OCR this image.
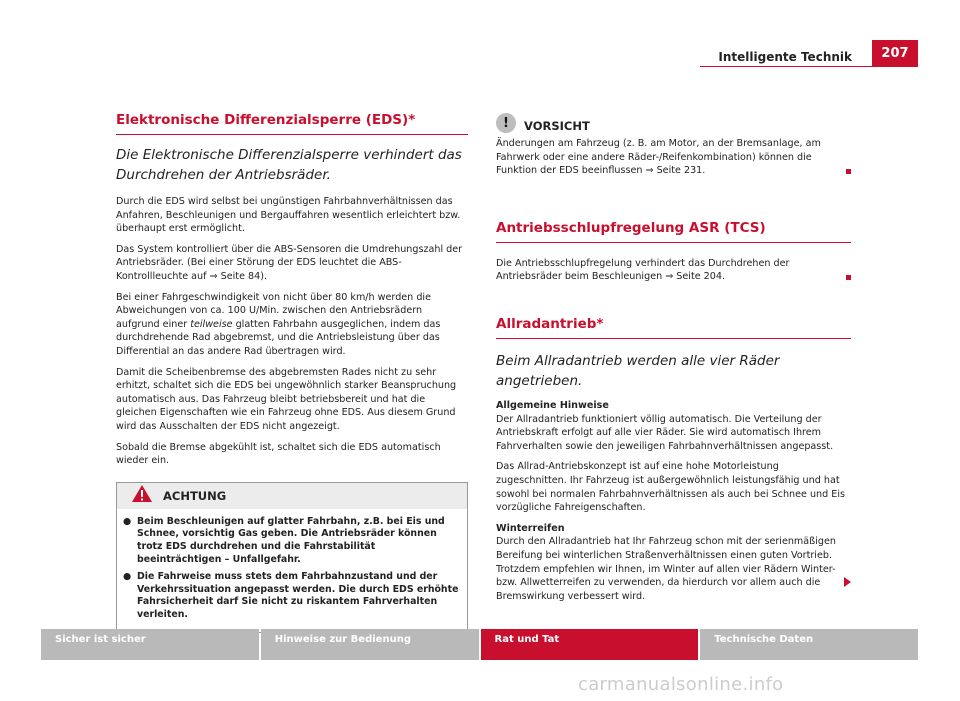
Intelligente Technik	207
Elektronische Differenzialsperre (EDS)*
Die Elektronische Differenzialsperre verhindert das Durchdrehen der Antriebsräder.

Durch die EDS wird selbst bei ungünstigen Fahrbahnverhältnissen das Anfahren, Beschleunigen und Bergauffahren wesentlich erleichtert bzw. überhaupt erst ermöglicht.

Das System kontrolliert über die ABS-Sensoren die Umdrehungszahl der Antriebsräder. (Bei einer Störung der EDS leuchtet die ABS-Kontrollleuchte auf ⇒ Seite 84).

Bei einer Fahrgeschwindigkeit von nicht über 80 km/h werden die Abweichungen von ca. 100 U/Min. zwischen den Antriebsrädern aufgrund einer teilweise glatten Fahrbahn ausgeglichen, indem das durchdrehende Rad abgebremst, und die Antriebsleistung über das Differential an das andere Rad übertragen wird.

Damit die Scheibenbremse des abgebremsten Rades nicht zu sehr erhitzt, schaltet sich die EDS bei ungewöhnlich starker Beanspruchung automatisch aus. Das Fahrzeug bleibt betriebsbereit und hat die gleichen Eigenschaften wie ein Fahrzeug ohne EDS. Aus diesem Grund wird das Ausschalten der EDS nicht angezeigt.

Sobald die Bremse abgekühlt ist, schaltet sich die EDS automatisch wieder ein.

ACHTUNG
● Beim Beschleunigen auf glatter Fahrbahn, z.B. bei Eis und Schnee, vorsichtig Gas geben. Die Antriebsräder können trotz EDS durchdrehen und die Fahrstabilität beeinträchtigen – Unfallgefahr.
● Die Fahrweise muss stets dem Fahrbahnzustand und der Verkehrssituation angepasst werden. Die durch EDS erhöhte Fahrsicherheit darf Sie nicht zu riskantem Fahrverhalten verleiten.
!	VORSICHT

Änderungen am Fahrzeug (z. B. am Motor, an der Bremsanlage, am Fahrwerk oder eine andere Räder-/Reifenkombination) können die Funktion der EDS beeinflussen ⇒ Seite 231.

Antriebsschlupfregelung ASR (TCS)

Die Antriebsschlupfregelung verhindert das Durchdrehen der Antriebsräder beim Beschleunigen ⇒ Seite 204.

Allradantrieb*
Beim Allradantrieb werden alle vier Räder angetrieben.
Allgemeine Hinweise

Der Allradantrieb funktioniert völlig automatisch. Die Verteilung der Antriebskraft erfolgt auf alle vier Räder. Sie wird automatisch Ihrem Fahrverhalten sowie den jeweiligen Fahrbahnverhältnissen angepasst.

Das Allrad-Antriebskonzept ist auf eine hohe Motorleistung zugeschnitten. Ihr Fahrzeug ist außergewöhnlich leistungsfähig und hat sowohl bei normalen Fahrbahnverhältnissen als auch bei Schnee und Eis vorzügliche Fahreigenschaften.

Winterreifen

Durch den Allradantrieb hat Ihr Fahrzeug schon mit der serienmäßigen Bereifung bei winterlichen Straßenverhältnissen einen guten Vortrieb. Trotzdem empfehlen wir Ihnen, im Winter auf allen vier Rädern Winter- bzw. Allwetterreifen zu verwenden, da hierdurch vor allem auch die Bremswirkung verbessert wird.

Sicher ist sicher	Hinweise zur Bedienung	Rat und Tat	Technische Daten
carmanualsonline.info
